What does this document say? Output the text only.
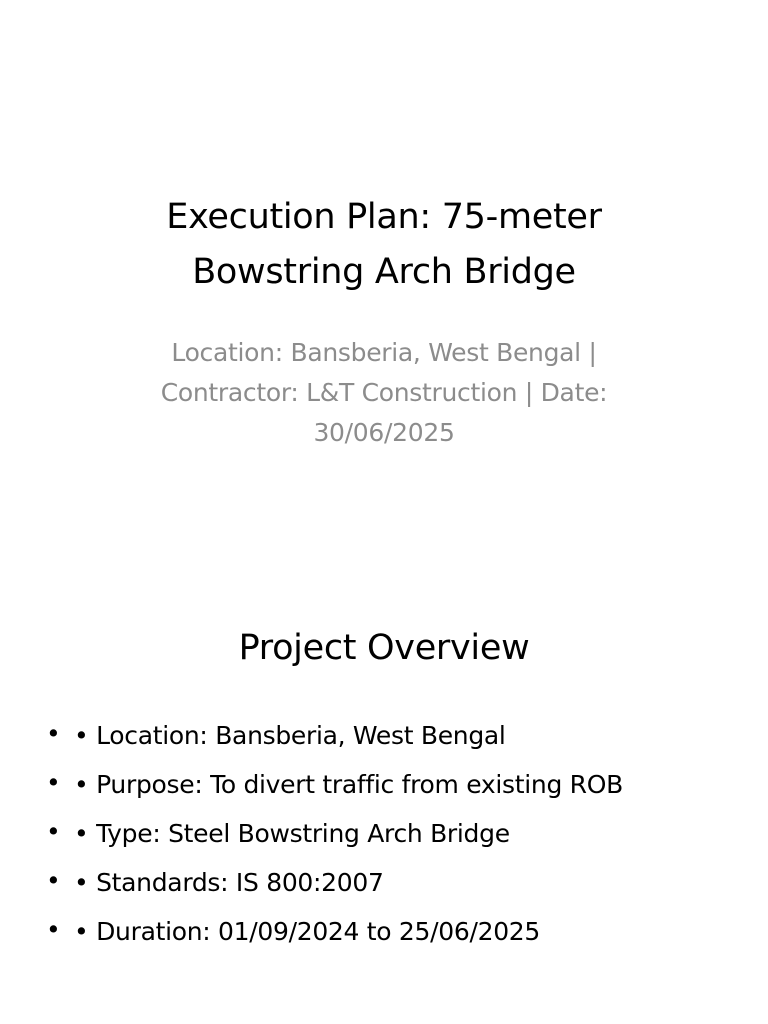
Execution Plan: 75-meter Bowstring Arch Bridge

Location: Bansberia, West Bengal | Contractor: L&T Construction | Date: 30/06/2025

Project Overview
• • Location: Bansberia, West Bengal
• • Purpose: To divert traffic from existing ROB
• • Type: Steel Bowstring Arch Bridge
• • Standards: IS 800:2007
• • Duration: 01/09/2024 to 25/06/2025
